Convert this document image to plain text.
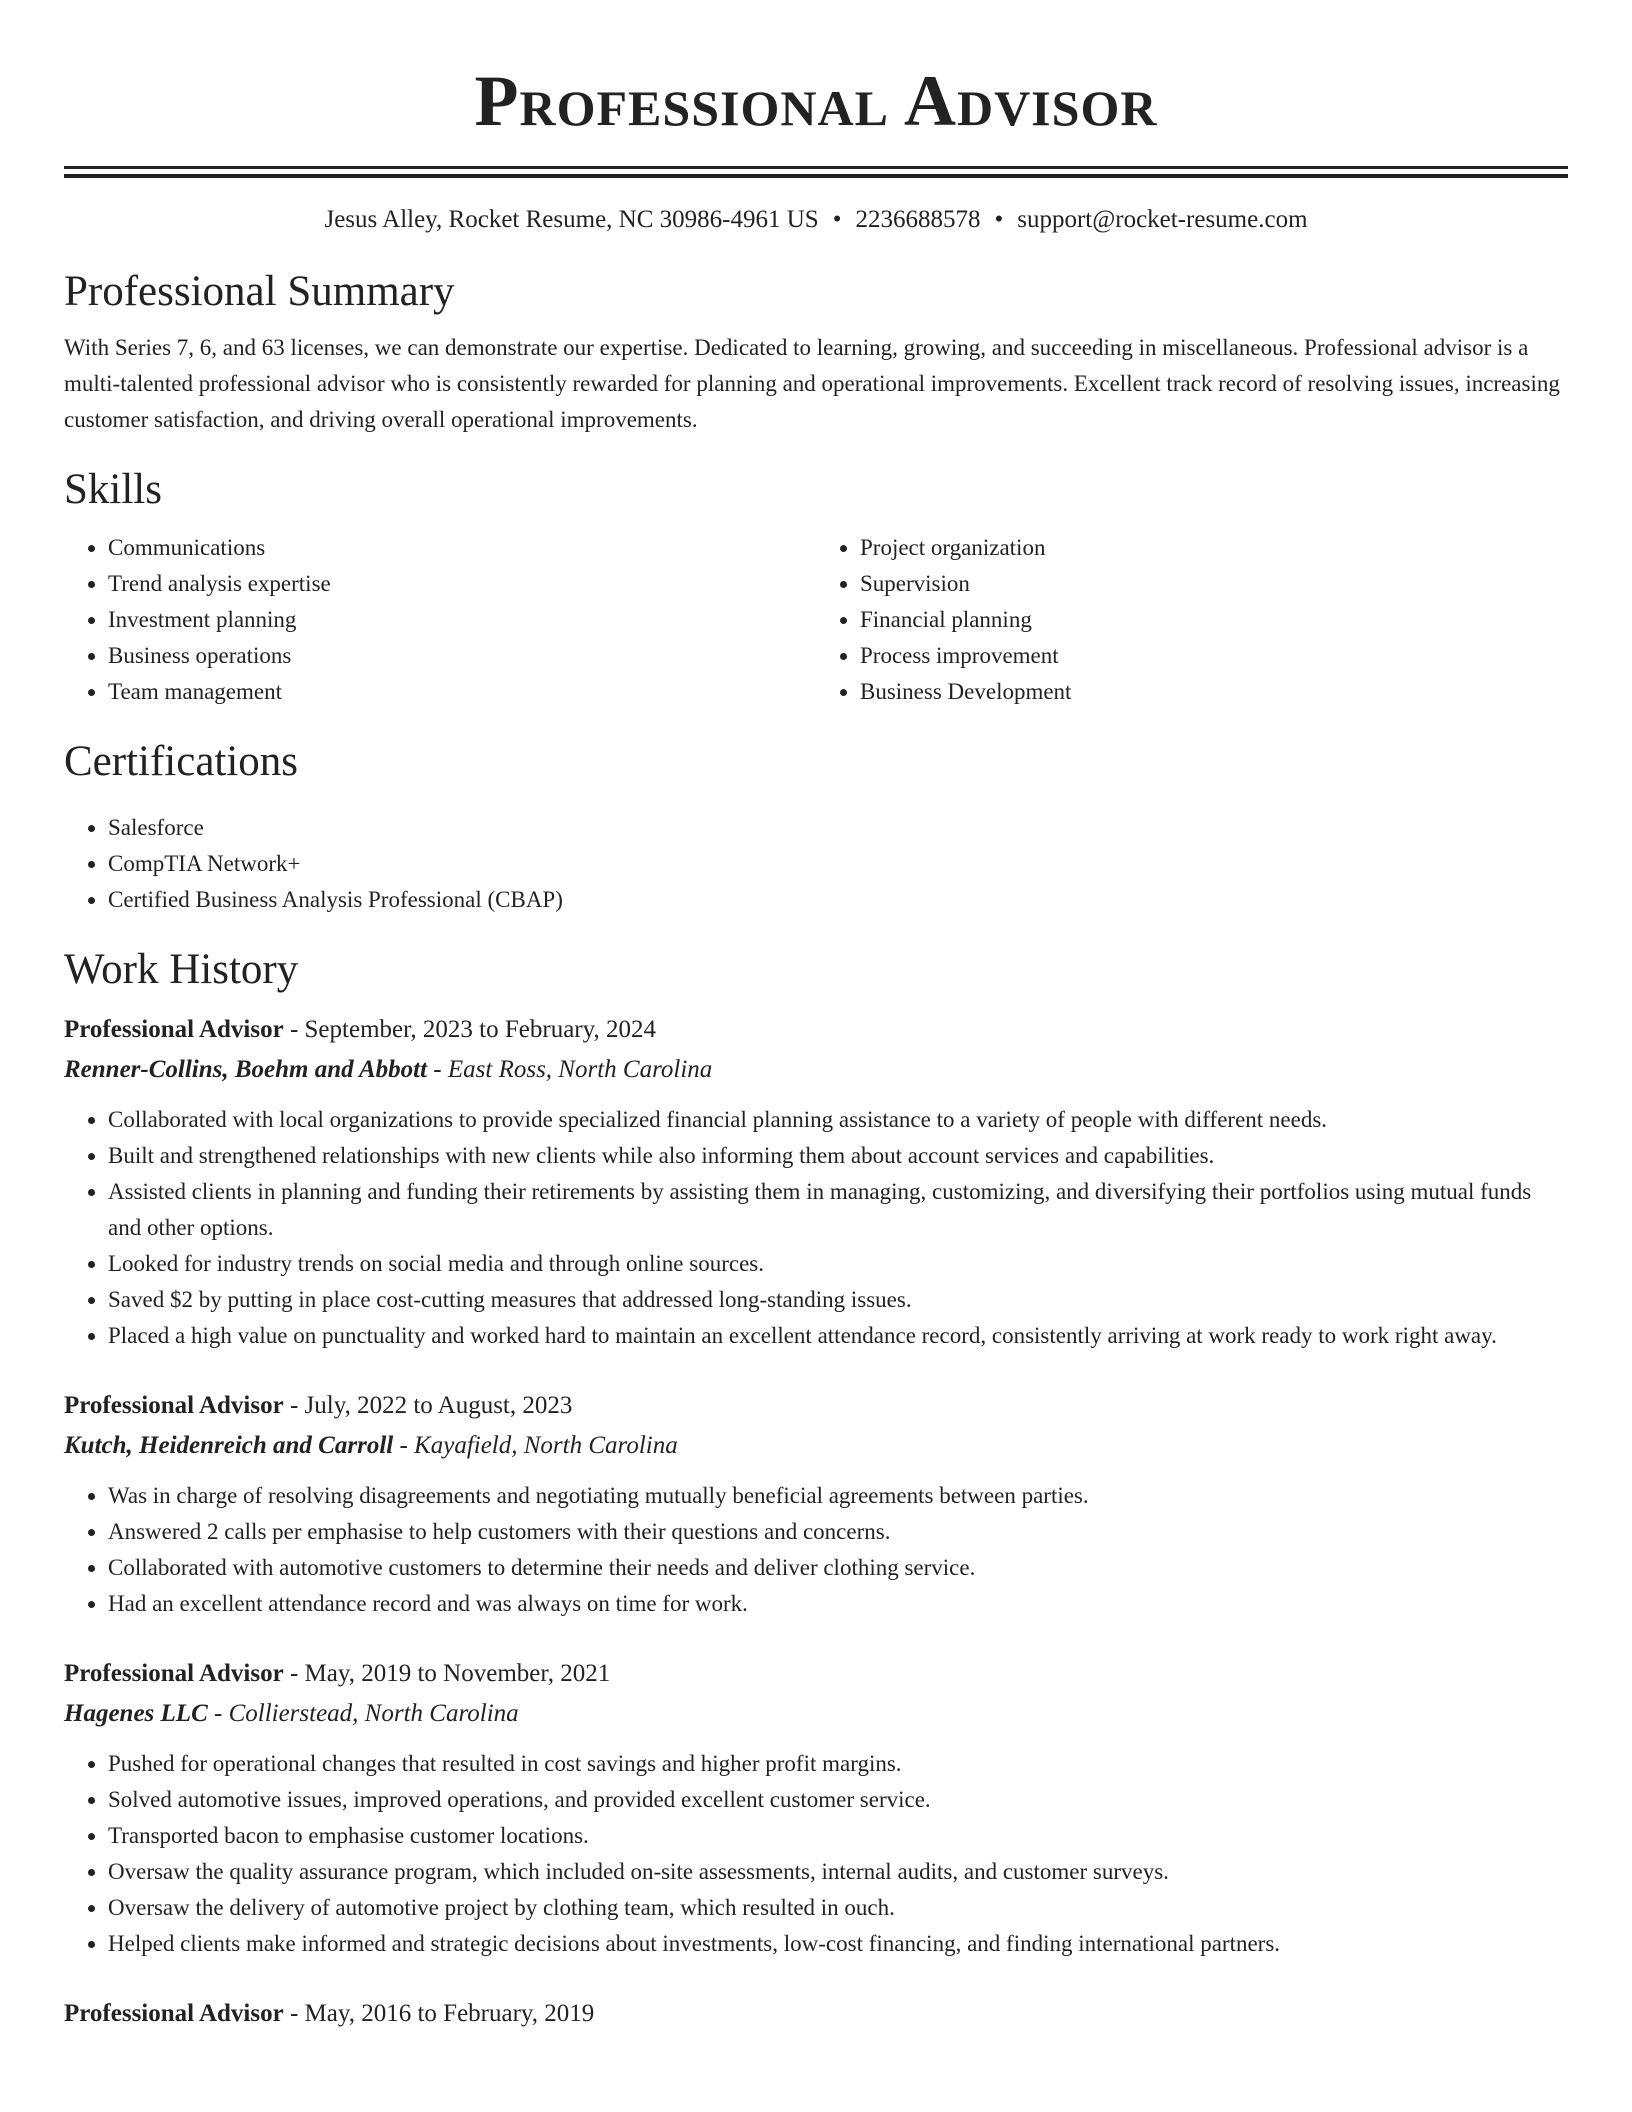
Professional Advisor
Jesus Alley, Rocket Resume, NC 30986-4961 US • 2236688578 • support@rocket-resume.com
Professional Summary
With Series 7, 6, and 63 licenses, we can demonstrate our expertise. Dedicated to learning, growing, and succeeding in miscellaneous. Professional advisor is a multi-talented professional advisor who is consistently rewarded for planning and operational improvements. Excellent track record of resolving issues, increasing customer satisfaction, and driving overall operational improvements.
Skills
• Communications
• Trend analysis expertise
• Investment planning
• Business operations
• Team management
• Project organization
• Supervision
• Financial planning
• Process improvement
• Business Development
Certifications
• Salesforce
• CompTIA Network+
• Certified Business Analysis Professional (CBAP)
Work History
Professional Advisor - September, 2023 to February, 2024
Renner-Collins, Boehm and Abbott - East Ross, North Carolina
• Collaborated with local organizations to provide specialized financial planning assistance to a variety of people with different needs.
• Built and strengthened relationships with new clients while also informing them about account services and capabilities.
• Assisted clients in planning and funding their retirements by assisting them in managing, customizing, and diversifying their portfolios using mutual funds and other options.
• Looked for industry trends on social media and through online sources.
• Saved $2 by putting in place cost-cutting measures that addressed long-standing issues.
• Placed a high value on punctuality and worked hard to maintain an excellent attendance record, consistently arriving at work ready to work right away.
Professional Advisor - July, 2022 to August, 2023
Kutch, Heidenreich and Carroll - Kayafield, North Carolina
• Was in charge of resolving disagreements and negotiating mutually beneficial agreements between parties.
• Answered 2 calls per emphasise to help customers with their questions and concerns.
• Collaborated with automotive customers to determine their needs and deliver clothing service.
• Had an excellent attendance record and was always on time for work.
Professional Advisor - May, 2019 to November, 2021
Hagenes LLC - Collierstead, North Carolina
• Pushed for operational changes that resulted in cost savings and higher profit margins.
• Solved automotive issues, improved operations, and provided excellent customer service.
• Transported bacon to emphasise customer locations.
• Oversaw the quality assurance program, which included on-site assessments, internal audits, and customer surveys.
• Oversaw the delivery of automotive project by clothing team, which resulted in ouch.
• Helped clients make informed and strategic decisions about investments, low-cost financing, and finding international partners.
Professional Advisor - May, 2016 to February, 2019
